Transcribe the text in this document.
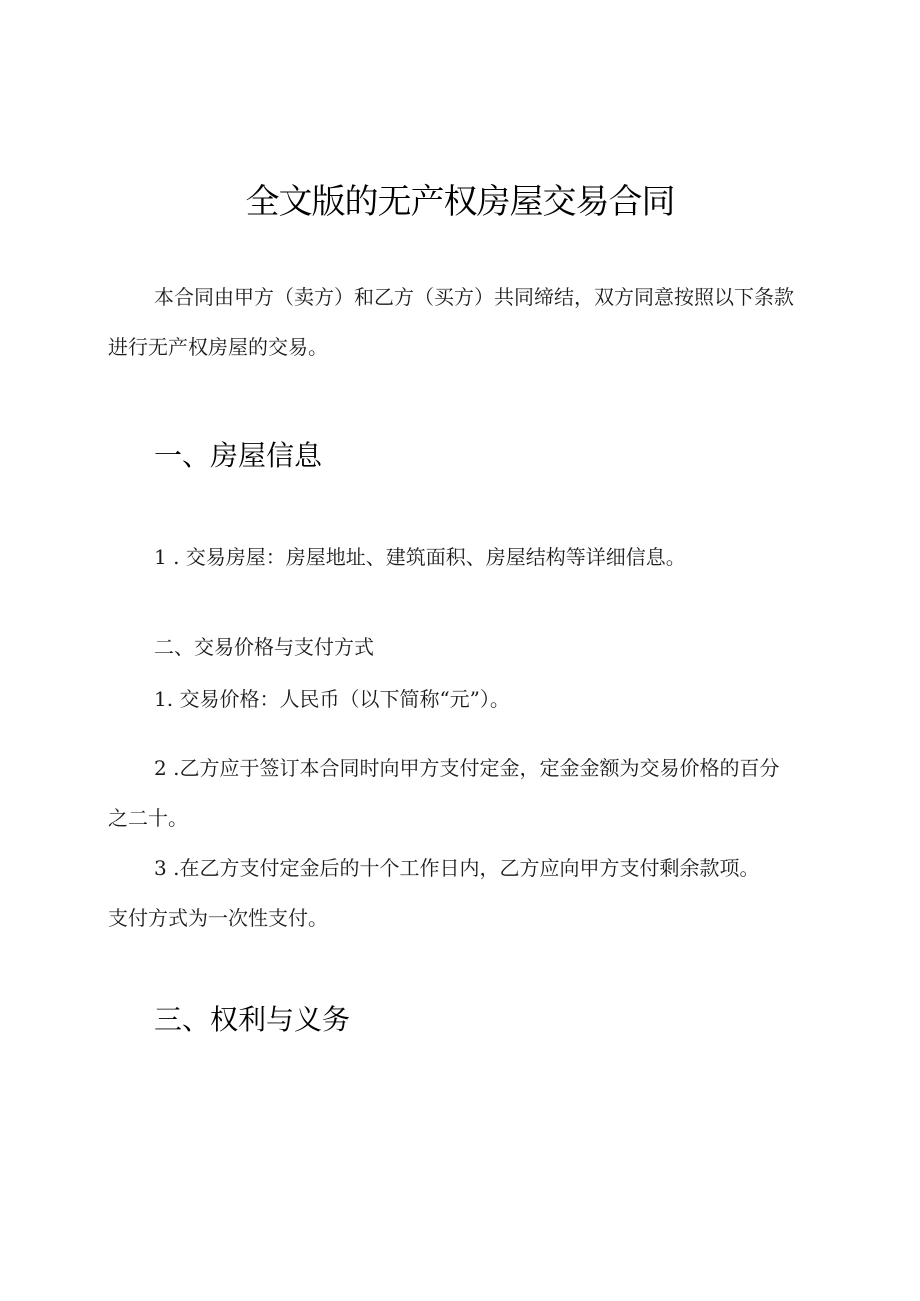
全文版的无产权房屋交易合同

本合同由甲方（卖方）和乙方（买方）共同缔结，双方同意按照以下条款进行无产权房屋的交易。

一、房屋信息
1 . 交易房屋：房屋地址、建筑面积、房屋结构等详细信息。
二、交易价格与支付方式
1. 交易价格：人民币（以下简称“元”）。

2 .乙方应于签订本合同时向甲方支付定金，定金金额为交易价格的百分之二十。

3 .在乙方支付定金后的十个工作日内，乙方应向甲方支付剩余款项。支付方式为一次性支付。

三、权利与义务
